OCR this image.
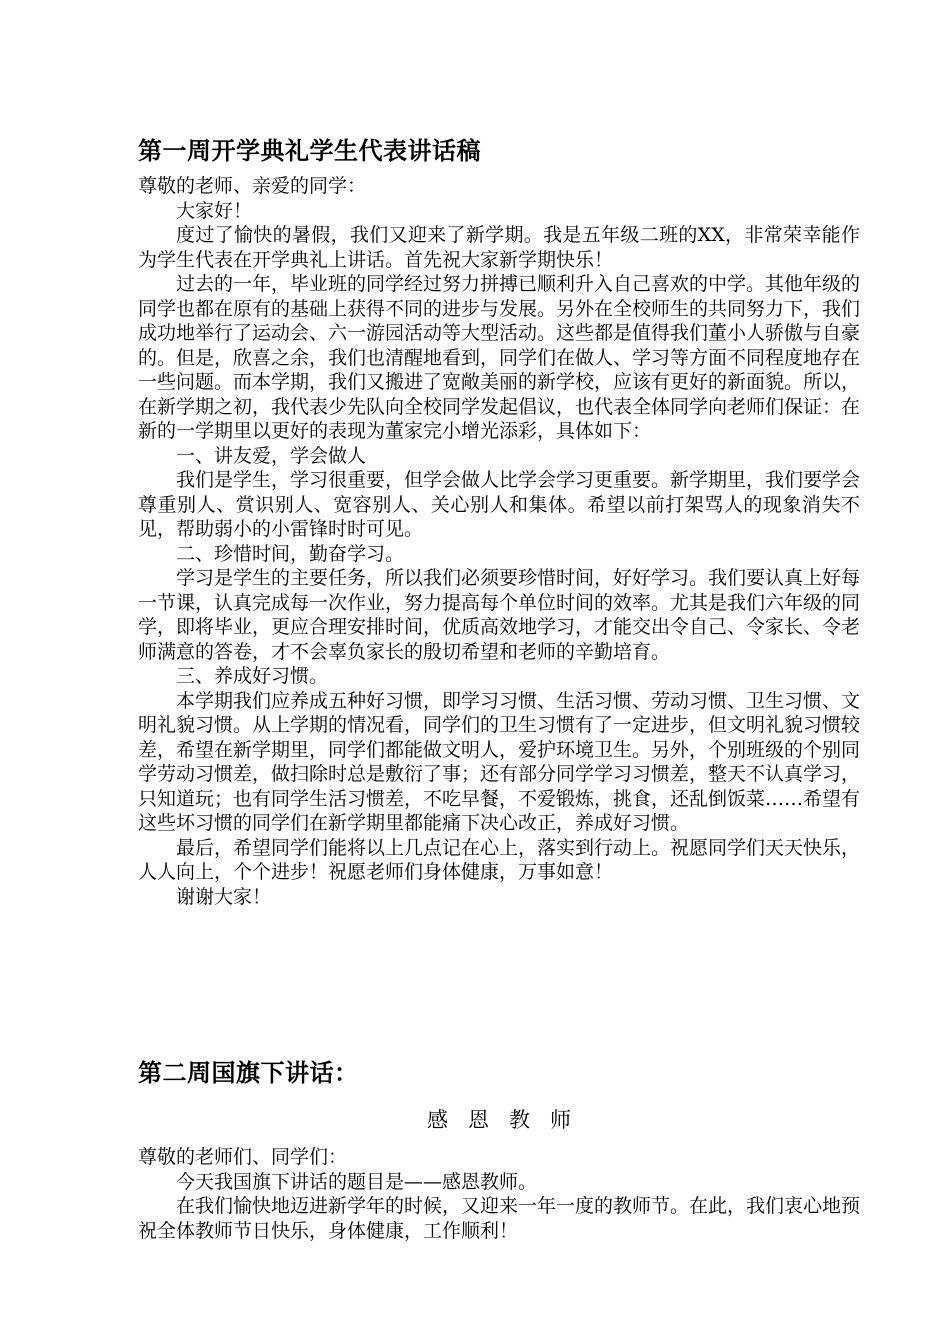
第一周开学典礼学生代表讲话稿

尊敬的老师、亲爱的同学：

大家好！

度过了愉快的暑假，我们又迎来了新学期。我是五年级二班的XX，非常荣幸能作为学生代表在开学典礼上讲话。首先祝大家新学期快乐！

过去的一年，毕业班的同学经过努力拼搏已顺利升入自己喜欢的中学。其他年级的同学也都在原有的基础上获得不同的进步与发展。另外在全校师生的共同努力下，我们成功地举行了运动会、六一游园活动等大型活动。这些都是值得我们董小人骄傲与自豪的。但是，欣喜之余，我们也清醒地看到，同学们在做人、学习等方面不同程度地存在一些问题。而本学期，我们又搬进了宽敞美丽的新学校，应该有更好的新面貌。所以，在新学期之初，我代表少先队向全校同学发起倡议，也代表全体同学向老师们保证：在新的一学期里以更好的表现为董家完小增光添彩，具体如下：

一、讲友爱，学会做人

我们是学生，学习很重要，但学会做人比学会学习更重要。新学期里，我们要学会尊重别人、赏识别人、宽容别人、关心别人和集体。希望以前打架骂人的现象消失不见，帮助弱小的小雷锋时时可见。

二、珍惜时间，勤奋学习。

学习是学生的主要任务，所以我们必须要珍惜时间，好好学习。我们要认真上好每一节课，认真完成每一次作业，努力提高每个单位时间的效率。尤其是我们六年级的同学，即将毕业，更应合理安排时间，优质高效地学习，才能交出令自己、令家长、令老师满意的答卷，才不会辜负家长的殷切希望和老师的辛勤培育。

三、养成好习惯。

本学期我们应养成五种好习惯，即学习习惯、生活习惯、劳动习惯、卫生习惯、文明礼貌习惯。从上学期的情况看，同学们的卫生习惯有了一定进步，但文明礼貌习惯较差，希望在新学期里，同学们都能做文明人，爱护环境卫生。另外，个别班级的个别同学劳动习惯差，做扫除时总是敷衍了事；还有部分同学学习习惯差，整天不认真学习，只知道玩；也有同学生活习惯差，不吃早餐，不爱锻炼，挑食，还乱倒饭菜……希望有这些坏习惯的同学们在新学期里都能痛下决心改正，养成好习惯。

最后，希望同学们能将以上几点记在心上，落实到行动上。祝愿同学们天天快乐，人人向上，个个进步！祝愿老师们身体健康，万事如意！

谢谢大家！

第二周国旗下讲话：
感恩教师

尊敬的老师们、同学们：

今天我国旗下讲话的题目是——感恩教师。

在我们愉快地迈进新学年的时候，又迎来一年一度的教师节。在此，我们衷心地预祝全体教师节日快乐，身体健康，工作顺利！
